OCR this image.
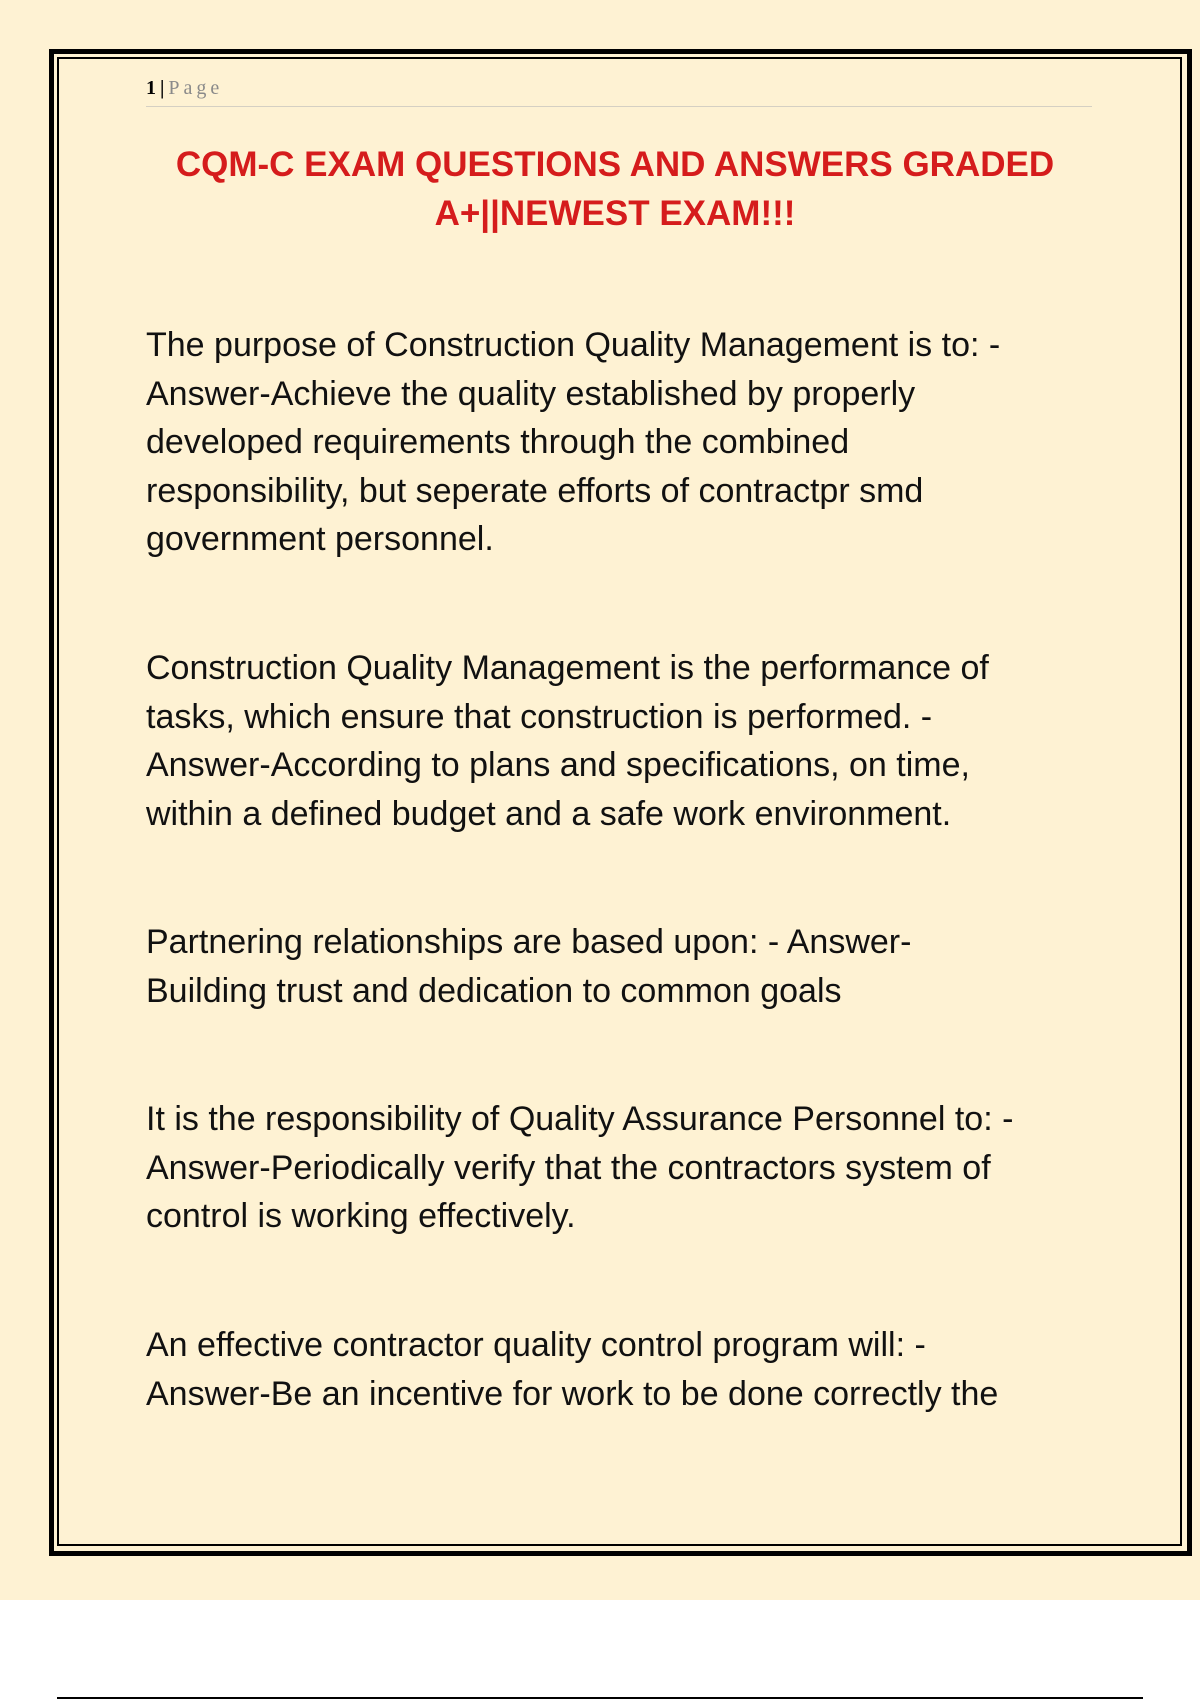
1 | Page
CQM-C EXAM QUESTIONS AND ANSWERS GRADED
A+||NEWEST EXAM!!!

The purpose of Construction Quality Management is to: -
Answer-Achieve the quality established by properly
developed requirements through the combined
responsibility, but seperate efforts of contractpr smd
government personnel.

Construction Quality Management is the performance of
tasks, which ensure that construction is performed. -
Answer-According to plans and specifications, on time,
within a defined budget and a safe work environment.

Partnering relationships are based upon: - Answer-
Building trust and dedication to common goals

It is the responsibility of Quality Assurance Personnel to: -
Answer-Periodically verify that the contractors system of
control is working effectively.

An effective contractor quality control program will: -
Answer-Be an incentive for work to be done correctly the
